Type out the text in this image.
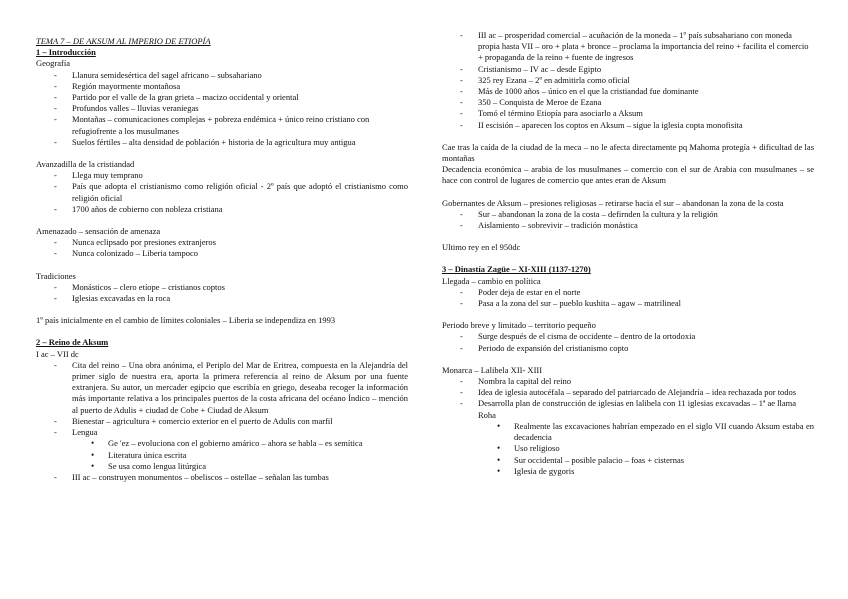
TEMA 7 – DE AKSUM AL IMPERIO DE ETIOPÍA
1 – Introducción
Geografía
- Llanura semidesértica del sagel africano – subsahariano
- Región mayormente montañosa
- Partido por el valle de la gran grieta – macizo occidental y oriental
- Profundos valles – lluvias veraniegas
- Montañas – comunicaciones complejas + pobreza endémica + único reino cristiano con refugiofrente a los musulmanes
- Suelos fértiles – alta densidad de población + historia de la agricultura muy antigua
Avanzadilla de la cristiandad
- Llega muy temprano
- País que adopta el cristianismo como religión oficial - 2º país que adoptó el cristianismo como religión oficial
- 1700 años de cobierno con nobleza cristiana
Amenazado – sensación de amenaza
- Nunca eclipsado por presiones extranjeros
- Nunca colonizado – Liberia tampoco
Tradiciones
- Monásticos – clero etíope – cristianos coptos
- Iglesias excavadas en la roca
1º país inicialmente en el cambio de límites coloniales – Liberia se independiza en 1993
2 – Reino de Aksum
I ac – VII dc
- Cita del reino – Una obra anónima, el Periplo del Mar de Eritrea, compuesta en la Alejandría del primer siglo de nuestra era, aporta la primera referencia al reino de Aksum por una fuente extranjera. Su autor, un mercader egipcio que escribía en griego, deseaba recoger la información más importante relativa a los principales puertos de la costa africana del océano Índico – mención al puerto de Adulis + ciudad de Cobe + Ciudad de Aksum
- Bienestar – agricultura + comercio exterior en el puerto de Adulis con marfil
- Lengua
• Ge 'ez – evoluciona con el gobierno amárico – ahora se habla – es semítica
• Literatura única escrita
• Se usa como lengua litúrgica
- III ac – construyen monumentos – obeliscos – ostellae – señalan las tumbas
- III ac – prosperidad comercial – acuñación de la moneda – 1º país subsahariano con moneda propia hasta VII – oro + plata + bronce – proclama la importancia del reino + facilita el comercio + propaganda de la reino + fuente de ingresos
- Cristianismo – IV ac – desde Egipto
- 325 rey Ezana – 2º en admitirla como oficial
- Más de 1000 años – único en el que la cristiandad fue dominante
- 350 – Conquista de Meroe de Ezana
- Tomó el término Etiopía para asociarlo a Aksum
- II escisión – aparecen los coptos en Aksum – sigue la iglesia copta monofisita
Cae tras la caída de la ciudad de la meca – no le afecta directamente pq Mahoma protegía + dificultad de las montañas
Decadencia económica – arabia de los musulmanes – comercio con el sur de Arabia con musulmanes – se hace con control de lugares de comercio que antes eran de Aksum
Gobernantes de Aksum – presiones religiosas – retirarse hacia el sur – abandonan la zona de la costa
- Sur – abandonan la zona de la costa – defirnden la cultura y la religión
- Aislamiento – sobrevivir – tradición monástica
Ultimo rey en el 950dc
3 – Dinastía Zagüe – XI-XIII (1137-1270)
Llegada – cambio en política
- Poder deja de estar en el norte
- Pasa a la zona del sur – pueblo kushita – agaw – matrilineal
Periodo breve y limitado – territorio pequeño
- Surge después de el cisma de occidente – dentro de la ortodoxia
- Periodo de expansión del cristianismo copto
Monarca – Lalibela XII- XIII
- Nombra la capital del reino
- Idea de iglesia autocéfala – separado del patriarcado de Alejandría – idea rechazada por todos
- Desarrolla plan de construcción de iglesias en lalibela con 11 iglesias excavadas – 1ª ae llama Roha
• Realmente las excavaciones habrían empezado en el siglo VII cuando Aksum estaba en decadencia
• Uso religioso
• Sur occidental – posible palacio – foas + cisternas
• Iglesia de gygoris
